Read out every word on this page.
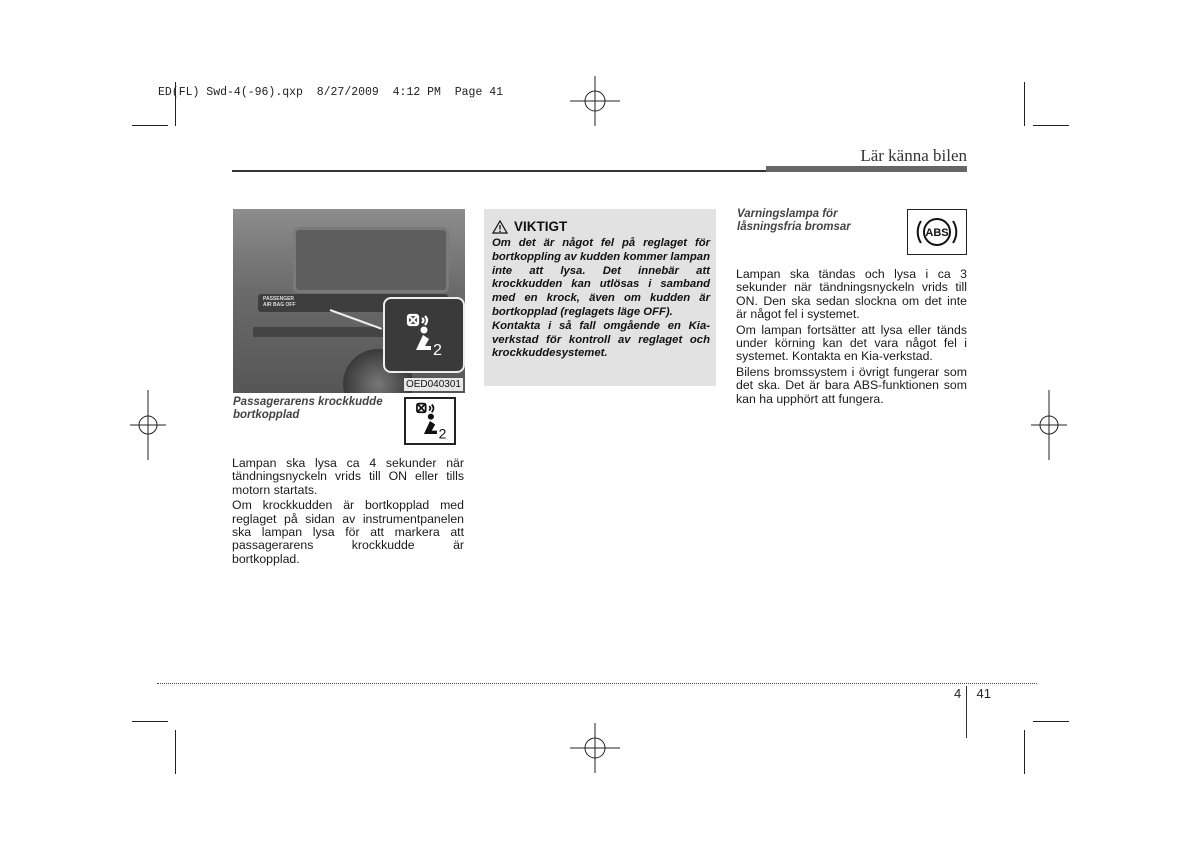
ED(FL) Swd-4(-96).qxp  8/27/2009  4:12 PM  Page 41
Lär känna bilen
PASSENGER
AIR BAG OFF
2
OED040301
Passagerarens krockkudde
bortkopplad
2

Lampan ska lysa ca 4 sekunder när tändningsnyckeln vrids till ON eller tills motorn startats.

Om krockkudden är bortkopplad med reglaget på sidan av instrumentpanelen ska lampan lysa för att markera att passagerarens krockkudde är bortkopplad.

VIKTIGT

Om det är något fel på reglaget för bortkoppling av kudden kommer lampan inte att lysa. Det innebär att krockkudden kan utlösas i samband med en krock, även om kudden är bortkopplad (reglagets läge OFF).

Kontakta i så fall omgående en Kia-verkstad för kontroll av reglaget och krockkuddesystemet.

Varningslampa för
låsningsfria bromsar	ABS

Lampan ska tändas och lysa i ca 3 sekunder när tändningsnyckeln vrids till ON. Den ska sedan slockna om det inte är något fel i systemet.

Om lampan fortsätter att lysa eller tänds under körning kan det vara något fel i systemet. Kontakta en Kia-verkstad.

Bilens bromssystem i övrigt fungerar som det ska. Det är bara ABS-funktionen som kan ha upphört att fungera.

4 41
